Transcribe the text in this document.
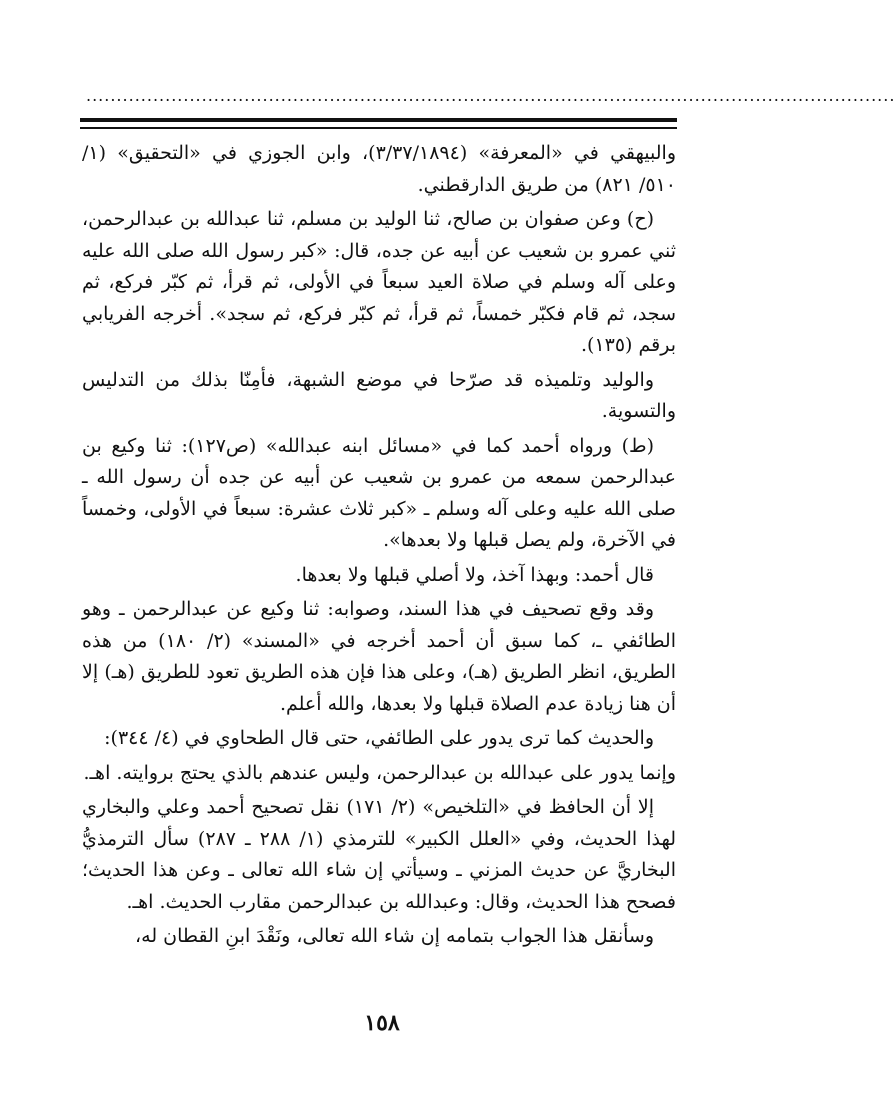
.....................................................................................................................................

والبيهقي في «المعرفة» (٣/٣٧/١٨٩٤)، وابن الجوزي في «التحقيق» (١/ ٥١٠/ ٨٢١) من طريق الدارقطني.

(ح) وعن صفوان بن صالح، ثنا الوليد بن مسلم، ثنا عبدالله بن عبدالرحمن، ثني عمرو بن شعيب عن أبيه عن جده، قال: «كبر رسول الله صلى الله عليه وعلى آله وسلم في صلاة العيد سبعاً في الأولى، ثم قرأ، ثم كبّر فركع، ثم سجد، ثم قام فكبّر خمساً، ثم قرأ، ثم كبّر فركع، ثم سجد». أخرجه الفريابي برقم (١٣٥).

والوليد وتلميذه قد صرّحا في موضع الشبهة، فأمِنّا بذلك من التدليس والتسوية.

(ط) ورواه أحمد كما في «مسائل ابنه عبدالله» (ص١٢٧): ثنا وكيع بن عبدالرحمن سمعه من عمرو بن شعيب عن أبيه عن جده أن رسول الله ـ صلى الله عليه وعلى آله وسلم ـ «كبر ثلاث عشرة: سبعاً في الأولى، وخمساً في الآخرة، ولم يصل قبلها ولا بعدها».

قال أحمد: وبهذا آخذ، ولا أصلي قبلها ولا بعدها.

وقد وقع تصحيف في هذا السند، وصوابه: ثنا وكيع عن عبدالرحمن ـ وهو الطائفي ـ، كما سبق أن أحمد أخرجه في «المسند» (٢/ ١٨٠) من هذه الطريق، انظر الطريق (هـ)، وعلى هذا فإن هذه الطريق تعود للطريق (هـ) إلا أن هنا زيادة عدم الصلاة قبلها ولا بعدها، والله أعلم.

والحديث كما ترى يدور على الطائفي، حتى قال الطحاوي في (٤/ ٣٤٤):

وإنما يدور على عبدالله بن عبدالرحمن، وليس عندهم بالذي يحتج بروايته. اهـ.

إلا أن الحافظ في «التلخيص» (٢/ ١٧١) نقل تصحيح أحمد وعلي والبخاري لهذا الحديث، وفي «العلل الكبير» للترمذي (١/ ٢٨٨ ـ ٢٨٧) سأل الترمذيُّ البخاريَّ عن حديث المزني ـ وسيأتي إن شاء الله تعالى ـ وعن هذا الحديث؛ فصحح هذا الحديث، وقال: وعبدالله بن عبدالرحمن مقارب الحديث. اهـ.

وسأنقل هذا الجواب بتمامه إن شاء الله تعالى، ونَقْدَ ابنِ القطان له،

١٥٨
